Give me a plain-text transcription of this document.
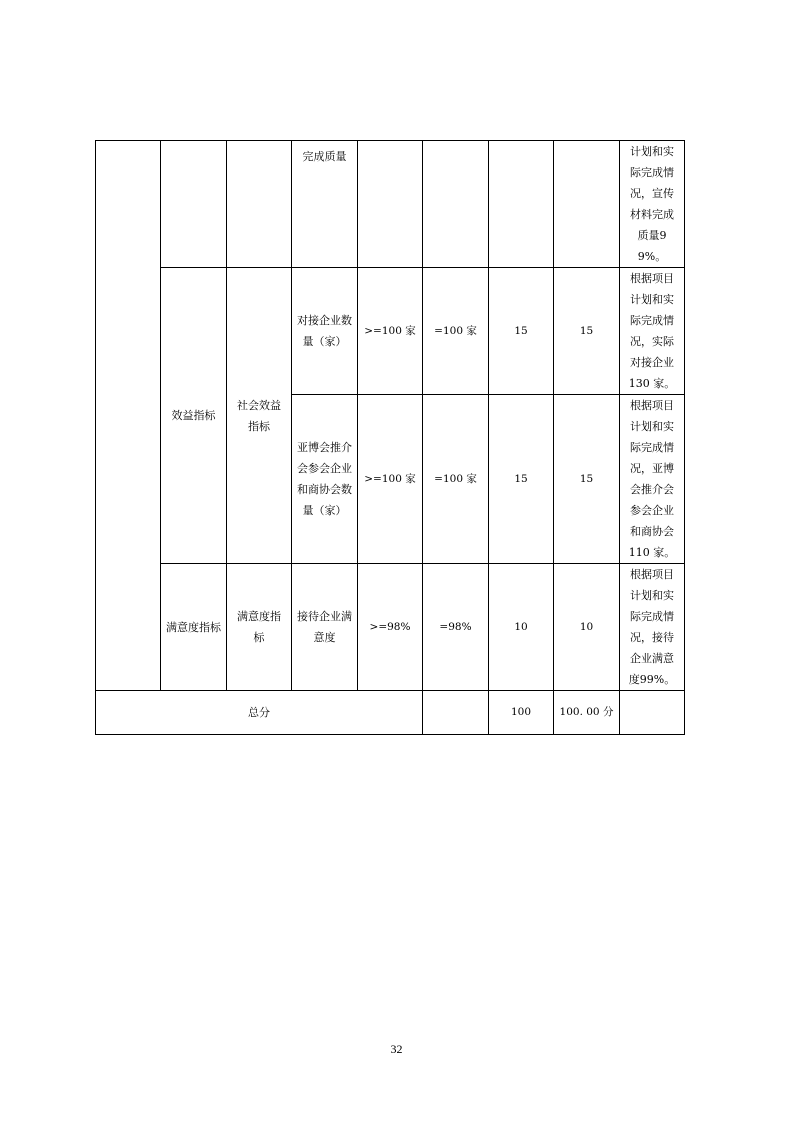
			完成质量					计划和实际完成情况，宣传材料完成质量99%。
	效益指标	社会效益指标	对接企业数量（家）	>=100 家	=100 家	15	15	根据项目计划和实际完成情况，实际对接企业 130 家。
			亚博会推介会参会企业和商协会数量（家）	>=100 家	=100 家	15	15	根据项目计划和实际完成情况，亚博会推介会参会企业和商协会 110 家。
	满意度指标	满意度指标	接待企业满意度	>=98%	=98%	10	10	根据项目计划和实际完成情况，接待企业满意度99%。
总分						100	100. 00 分	
32
